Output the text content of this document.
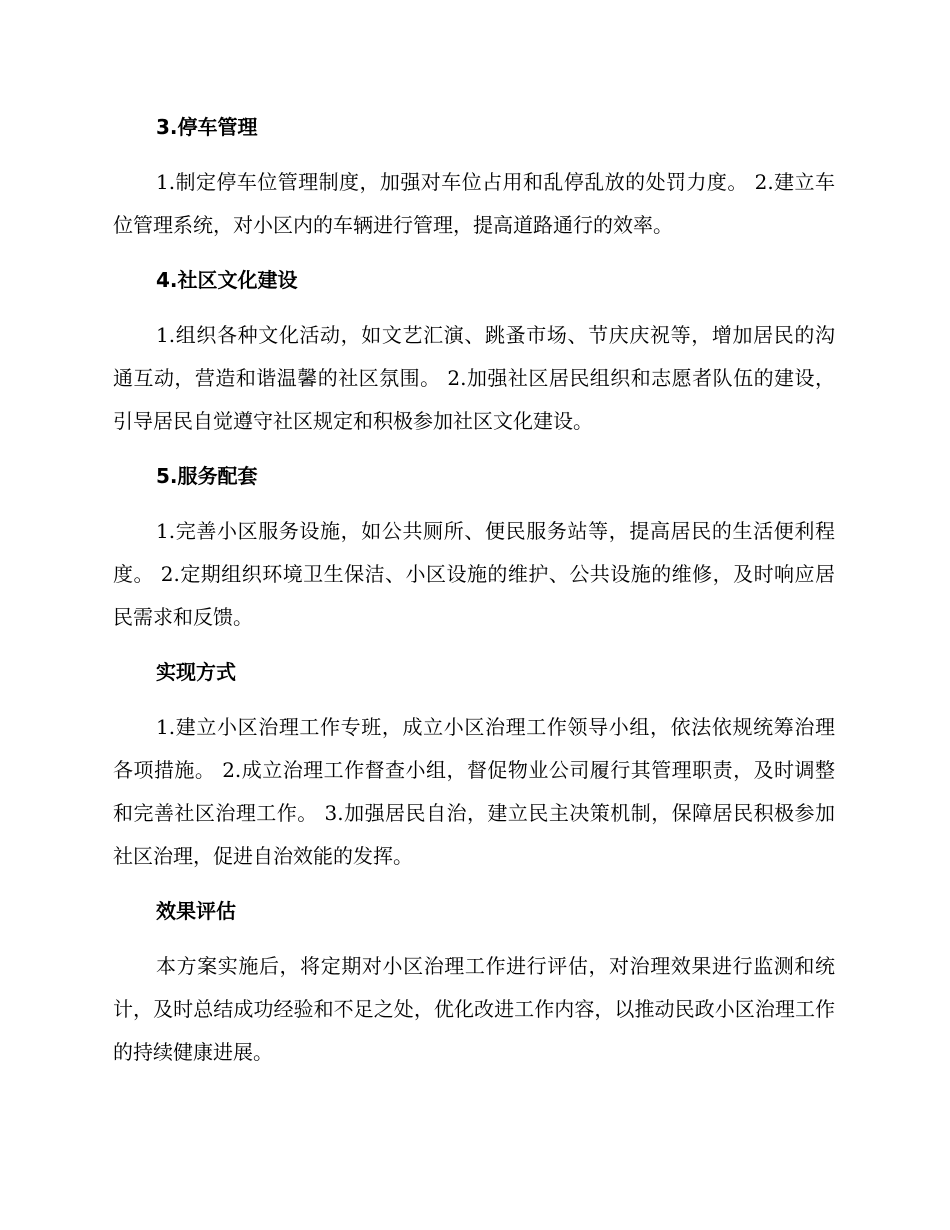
3.停车管理

1.制定停车位管理制度，加强对车位占用和乱停乱放的处罚力度。 2.建立车位管理系统，对小区内的车辆进行管理，提高道路通行的效率。

4.社区文化建设

1.组织各种文化活动，如文艺汇演、跳蚤市场、节庆庆祝等，增加居民的沟通互动，营造和谐温馨的社区氛围。 2.加强社区居民组织和志愿者队伍的建设，引导居民自觉遵守社区规定和积极参加社区文化建设。

5.服务配套

1.完善小区服务设施，如公共厕所、便民服务站等，提高居民的生活便利程度。 2.定期组织环境卫生保洁、小区设施的维护、公共设施的维修，及时响应居民需求和反馈。

实现方式

1.建立小区治理工作专班，成立小区治理工作领导小组，依法依规统筹治理各项措施。 2.成立治理工作督查小组，督促物业公司履行其管理职责，及时调整和完善社区治理工作。 3.加强居民自治，建立民主决策机制，保障居民积极参加社区治理，促进自治效能的发挥。

效果评估

本方案实施后，将定期对小区治理工作进行评估，对治理效果进行监测和统计，及时总结成功经验和不足之处，优化改进工作内容，以推动民政小区治理工作的持续健康进展。
